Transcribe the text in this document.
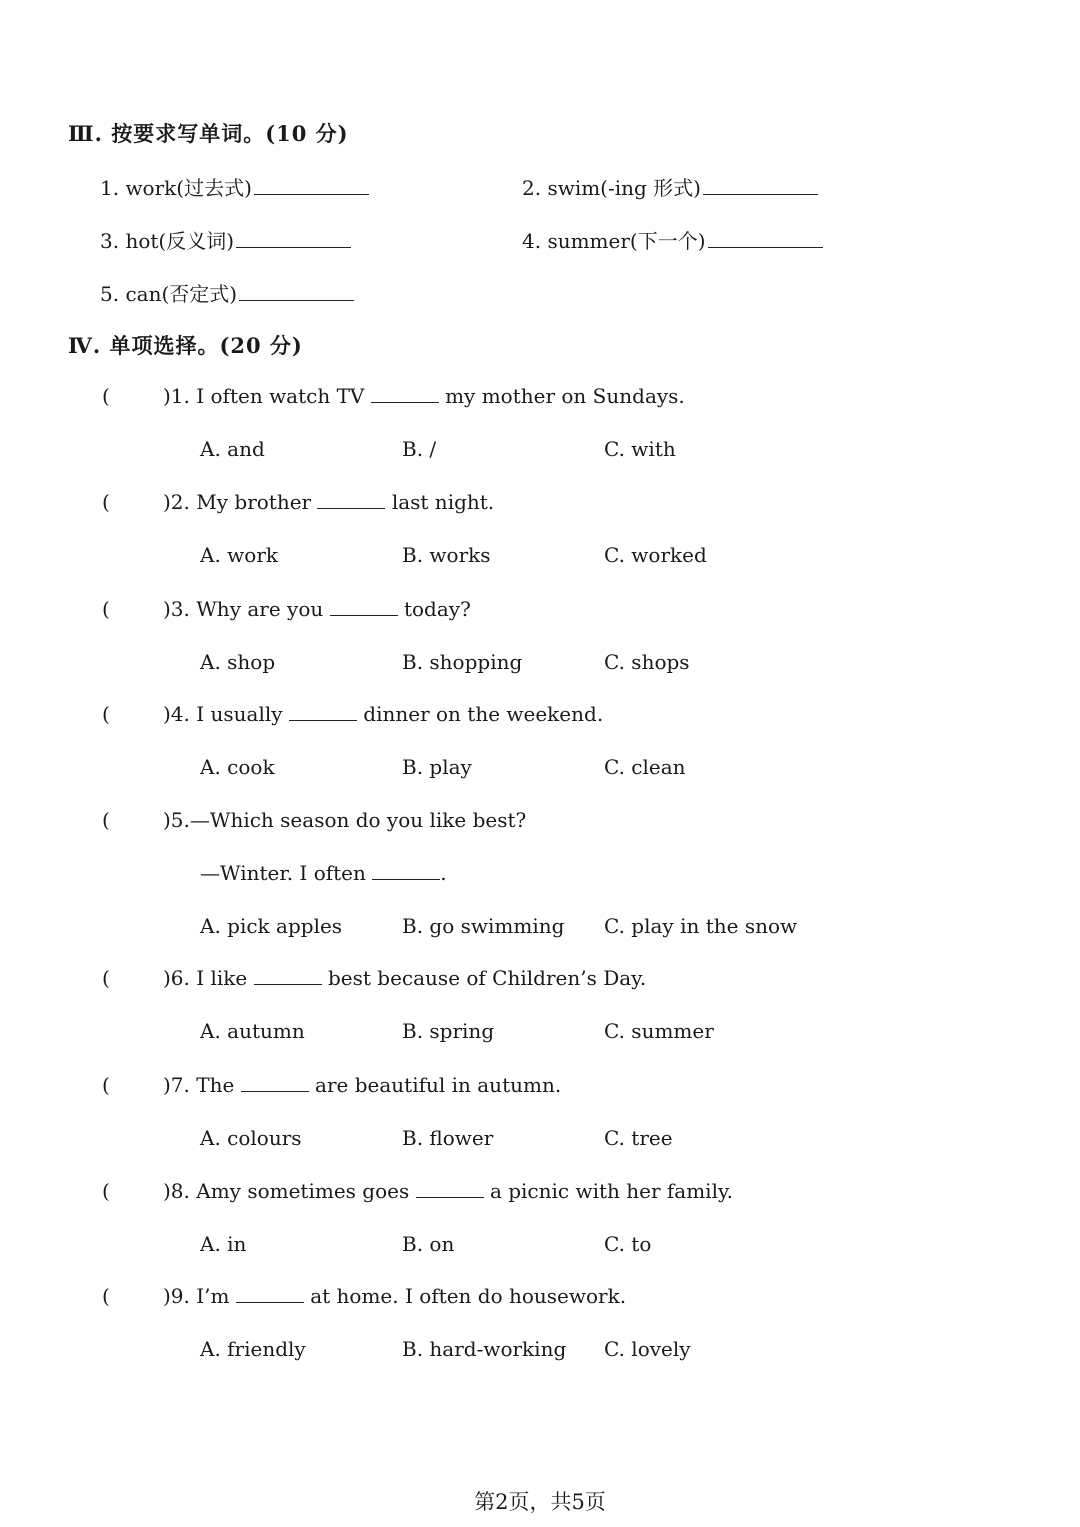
Ⅲ. 按要求写单词。(10 分)
1. work(过去式)	2. swim(-ing 形式)
3. hot(反义词)	4. summer(下一个)
5. can(否定式)
Ⅳ. 单项选择。(20 分)
(	)1. I often watch TV	my mother on Sundays.
A. and	B. /	C. with
(	)2. My brother	last night.
A. work	B. works	C. worked
(	)3. Why are you	today?
A. shop	B. shopping	C. shops
(	)4. I usually	dinner on the weekend.
A. cook	B. play	C. clean
(	)5.—Which season do you like best?
—Winter. I often	.
A. pick apples	B. go swimming C. play in the snow
(	)6. I like	best because of Children’s Day.
A. autumn	B. spring	C. summer
(	)7. The	are beautiful in autumn.
A. colours	B. flower	C. tree
(	)8. Amy sometimes goes	a picnic with her family.
A. in	B. on	C. to
(	)9. I’m	at home. I often do housework.
A. friendly	B. hard-working C. lovely
第2页，共5页
